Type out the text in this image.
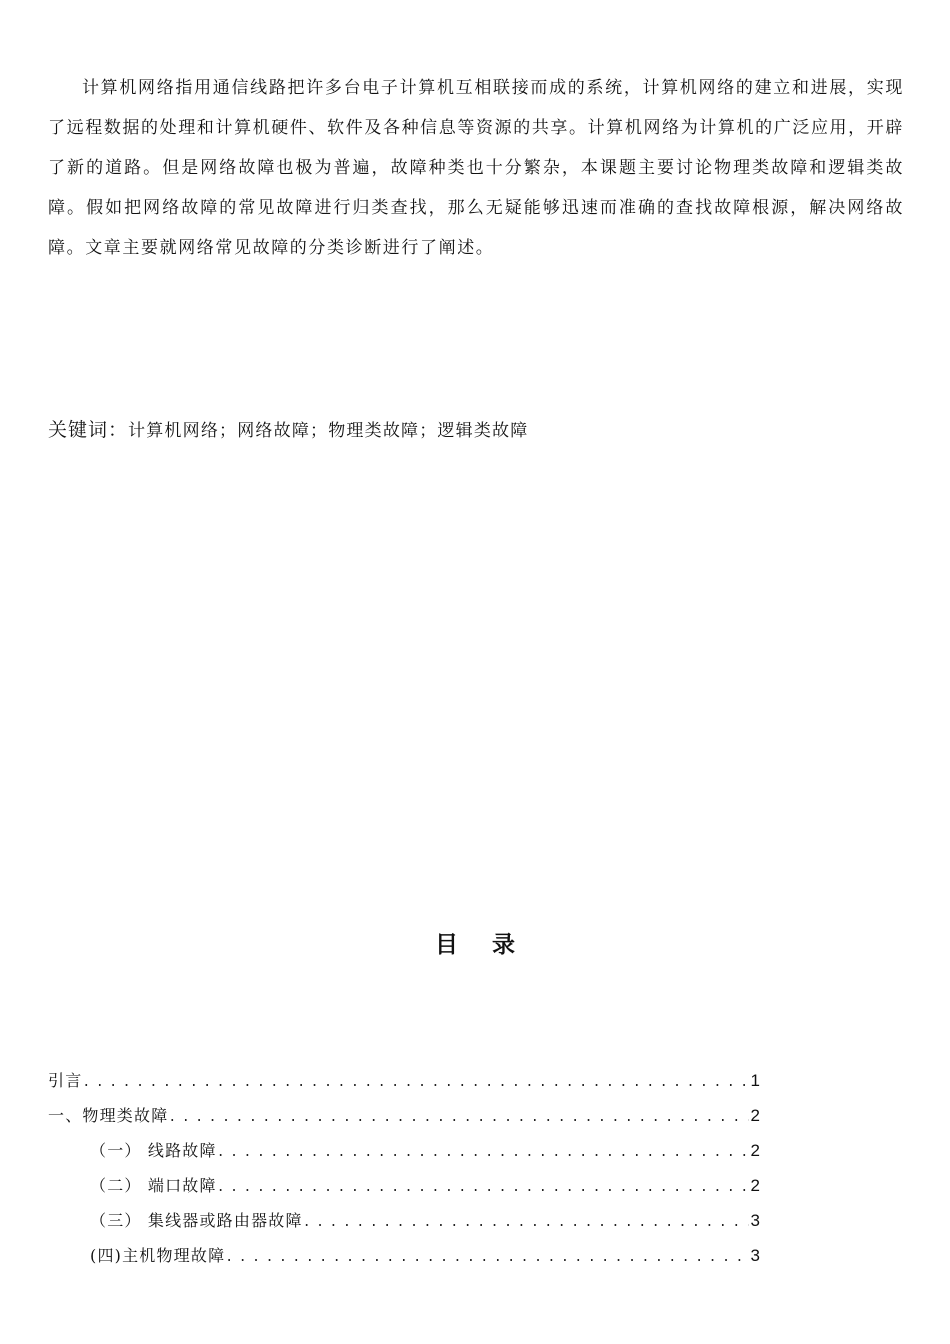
计算机网络指用通信线路把许多台电子计算机互相联接而成的系统，计算机网络的建立和进展，实现了远程数据的处理和计算机硬件、软件及各种信息等资源的共享。计算机网络为计算机的广泛应用，开辟了新的道路。但是网络故障也极为普遍，故障种类也十分繁杂，本课题主要讨论物理类故障和逻辑类故障。假如把网络故障的常见故障进行归类查找，那么无疑能够迅速而准确的查找故障根源，解决网络故障。文章主要就网络常见故障的分类诊断进行了阐述。

关键词：计算机网络；网络故障；物理类故障；逻辑类故障

目录
引言 .....	1
一、物理类故障 .....	2
（一） 线路故障 .....	2
（二） 端口故障 .....	2
（三） 集线器或路由器故障 .....	3
(四)主机物理故障 .....	3
